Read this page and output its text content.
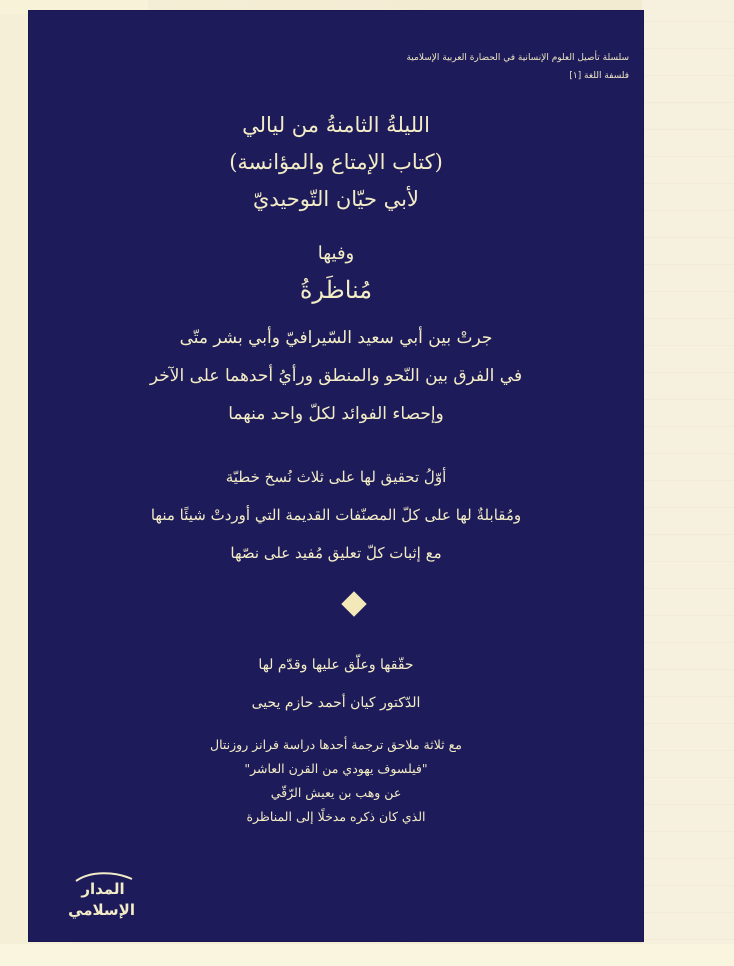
سلسلة تأصيل العلوم الإنسانية في الحضارة العربية الإسلامية
فلسفة اللغة [١]
الليلةُ الثامنةُ من ليالي
(كتاب الإمتاع والمؤانسة)
لأبي حيّان التّوحيديّ
وفيها
مُناظَرةُ
جرتْ بين أبي سعيد السّيرافيّ وأبي بشر متّى
في الفرق بين النّحو والمنطق ورأيُ أحدهما على الآخر
وإحصاء الفوائد لكلّ واحد منهما
أوّلُ تحقيق لها على ثلاث نُسخ خطيّة
ومُقابلةٌ لها على كلّ المصنّفات القديمة التي أوردتْ شيئًا منها
مع إثبات كلّ تعليق مُفيد على نصّها
حقّقها وعلّق عليها وقدّم لها
الدّكتور كيان أحمد حازم يحيى
مع ثلاثة ملاحق ترجمة أحدها دراسة فرانز روزنتال
"فيلسوف يهودي من القرن العاشر"
عن وهب بن يعيش الرّقّي
الذي كان ذكره مدخلًا إلى المناظرة
المدار
الإسلامي
